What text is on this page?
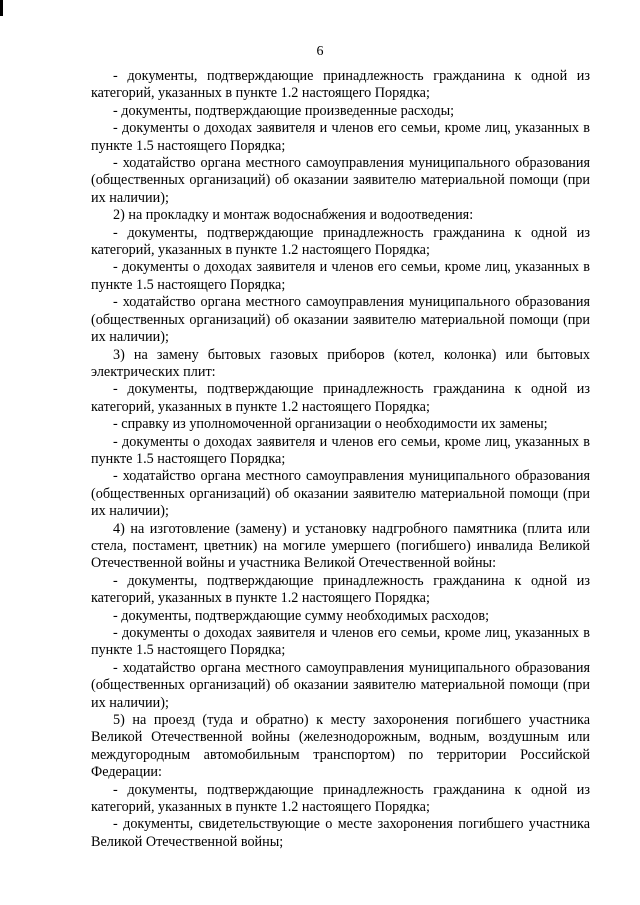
6

- документы, подтверждающие принадлежность гражданина к одной из категорий, указанных в пункте 1.2 настоящего Порядка;

- документы, подтверждающие произведенные расходы;

- документы о доходах заявителя и членов его семьи, кроме лиц, указанных в пункте 1.5 настоящего Порядка;

- ходатайство органа местного самоуправления муниципального образования (общественных организаций) об оказании заявителю материальной помощи (при их наличии);

2) на прокладку и монтаж водоснабжения и водоотведения:

- документы, подтверждающие принадлежность гражданина к одной из категорий, указанных в пункте 1.2 настоящего Порядка;

- документы о доходах заявителя и членов его семьи, кроме лиц, указанных в пункте 1.5 настоящего Порядка;

- ходатайство органа местного самоуправления муниципального образования (общественных организаций) об оказании заявителю материальной помощи (при их наличии);

3) на замену бытовых газовых приборов (котел, колонка) или бытовых электрических плит:

- документы, подтверждающие принадлежность гражданина к одной из категорий, указанных в пункте 1.2 настоящего Порядка;

- справку из уполномоченной организации о необходимости их замены;

- документы о доходах заявителя и членов его семьи, кроме лиц, указанных в пункте 1.5 настоящего Порядка;

- ходатайство органа местного самоуправления муниципального образования (общественных организаций) об оказании заявителю материальной помощи (при их наличии);

4) на изготовление (замену) и установку надгробного памятника (плита или стела, постамент, цветник) на могиле умершего (погибшего) инвалида Великой Отечественной войны и участника Великой Отечественной войны:

- документы, подтверждающие принадлежность гражданина к одной из категорий, указанных в пункте 1.2 настоящего Порядка;

- документы, подтверждающие сумму необходимых расходов;

- документы о доходах заявителя и членов его семьи, кроме лиц, указанных в пункте 1.5 настоящего Порядка;

- ходатайство органа местного самоуправления муниципального образования (общественных организаций) об оказании заявителю материальной помощи (при их наличии);

5) на проезд (туда и обратно) к месту захоронения погибшего участника Великой Отечественной войны (железнодорожным, водным, воздушным или междугородным автомобильным транспортом) по территории Российской Федерации:

- документы, подтверждающие принадлежность гражданина к одной из категорий, указанных в пункте 1.2 настоящего Порядка;

- документы, свидетельствующие о месте захоронения погибшего участника Великой Отечественной войны;
